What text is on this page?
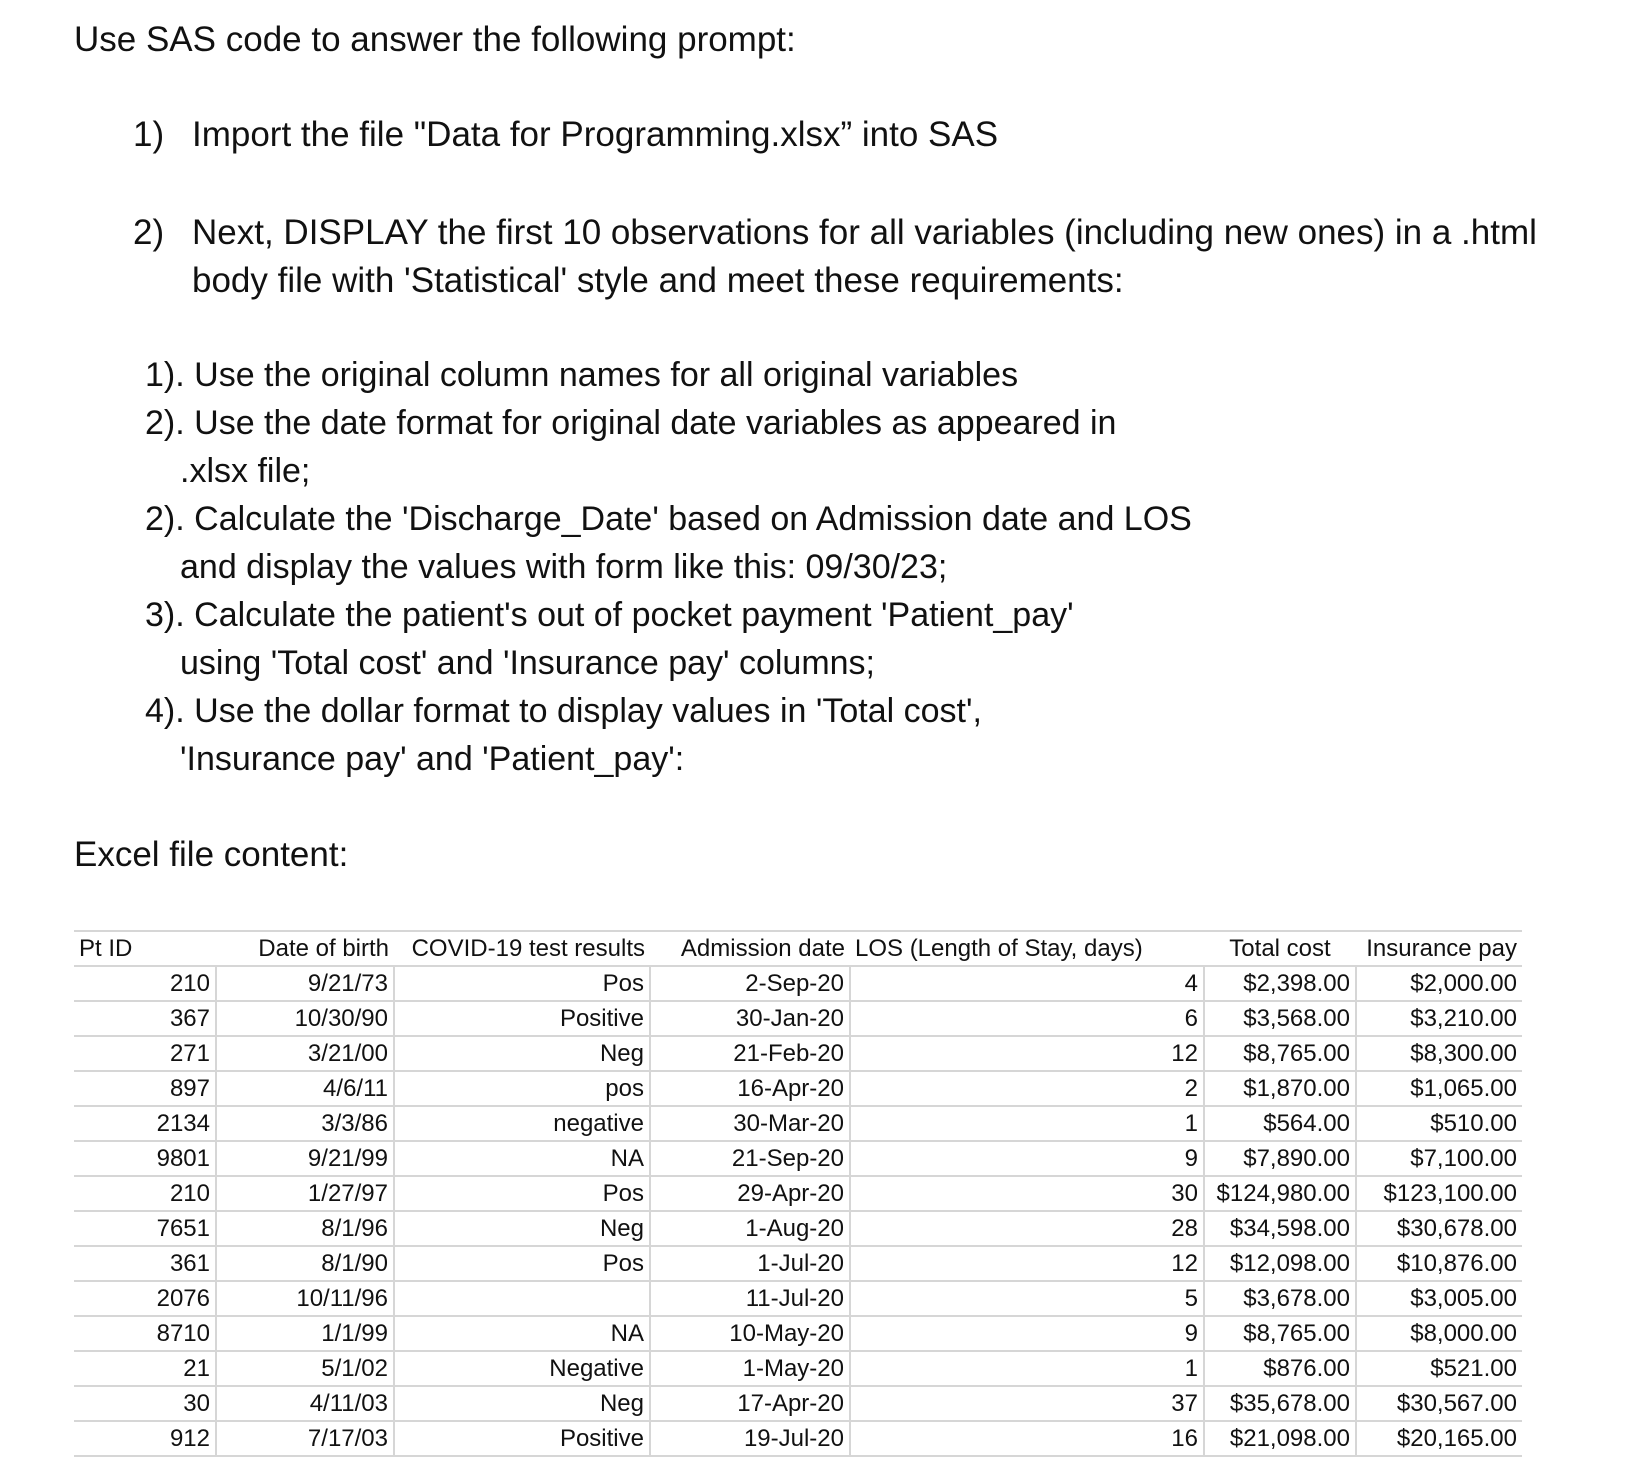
Use SAS code to answer the following prompt:
1) Import the file "Data for Programming.xlsx” into SAS
2) Next, DISPLAY the first 10 observations for all variables (including new ones) in a .html
body file with 'Statistical' style and meet these requirements:
1). Use the original column names for all original variables
2). Use the date format for original date variables as appeared in
.xlsx file;
2). Calculate the 'Discharge_Date' based on Admission date and LOS
and display the values with form like this: 09/30/23;
3). Calculate the patient's out of pocket payment 'Patient_pay'
using 'Total cost' and 'Insurance pay' columns;
4). Use the dollar format to display values in 'Total cost',
'Insurance pay' and 'Patient_pay':
Excel file content:
Pt ID	Date of birth	COVID-19 test results	Admission date	LOS (Length of Stay, days)	Total cost	Insurance pay
210	9/21/73	Pos	2-Sep-20	4	$2,398.00	$2,000.00
367	10/30/90	Positive	30-Jan-20	6	$3,568.00	$3,210.00
271	3/21/00	Neg	21-Feb-20	12	$8,765.00	$8,300.00
897	4/6/11	pos	16-Apr-20	2	$1,870.00	$1,065.00
2134	3/3/86	negative	30-Mar-20	1	$564.00	$510.00
9801	9/21/99	NA	21-Sep-20	9	$7,890.00	$7,100.00
210	1/27/97	Pos	29-Apr-20	30	$124,980.00	$123,100.00
7651	8/1/96	Neg	1-Aug-20	28	$34,598.00	$30,678.00
361	8/1/90	Pos	1-Jul-20	12	$12,098.00	$10,876.00
2076	10/11/96		11-Jul-20	5	$3,678.00	$3,005.00
8710	1/1/99	NA	10-May-20	9	$8,765.00	$8,000.00
21	5/1/02	Negative	1-May-20	1	$876.00	$521.00
30	4/11/03	Neg	17-Apr-20	37	$35,678.00	$30,567.00
912	7/17/03	Positive	19-Jul-20	16	$21,098.00	$20,165.00
